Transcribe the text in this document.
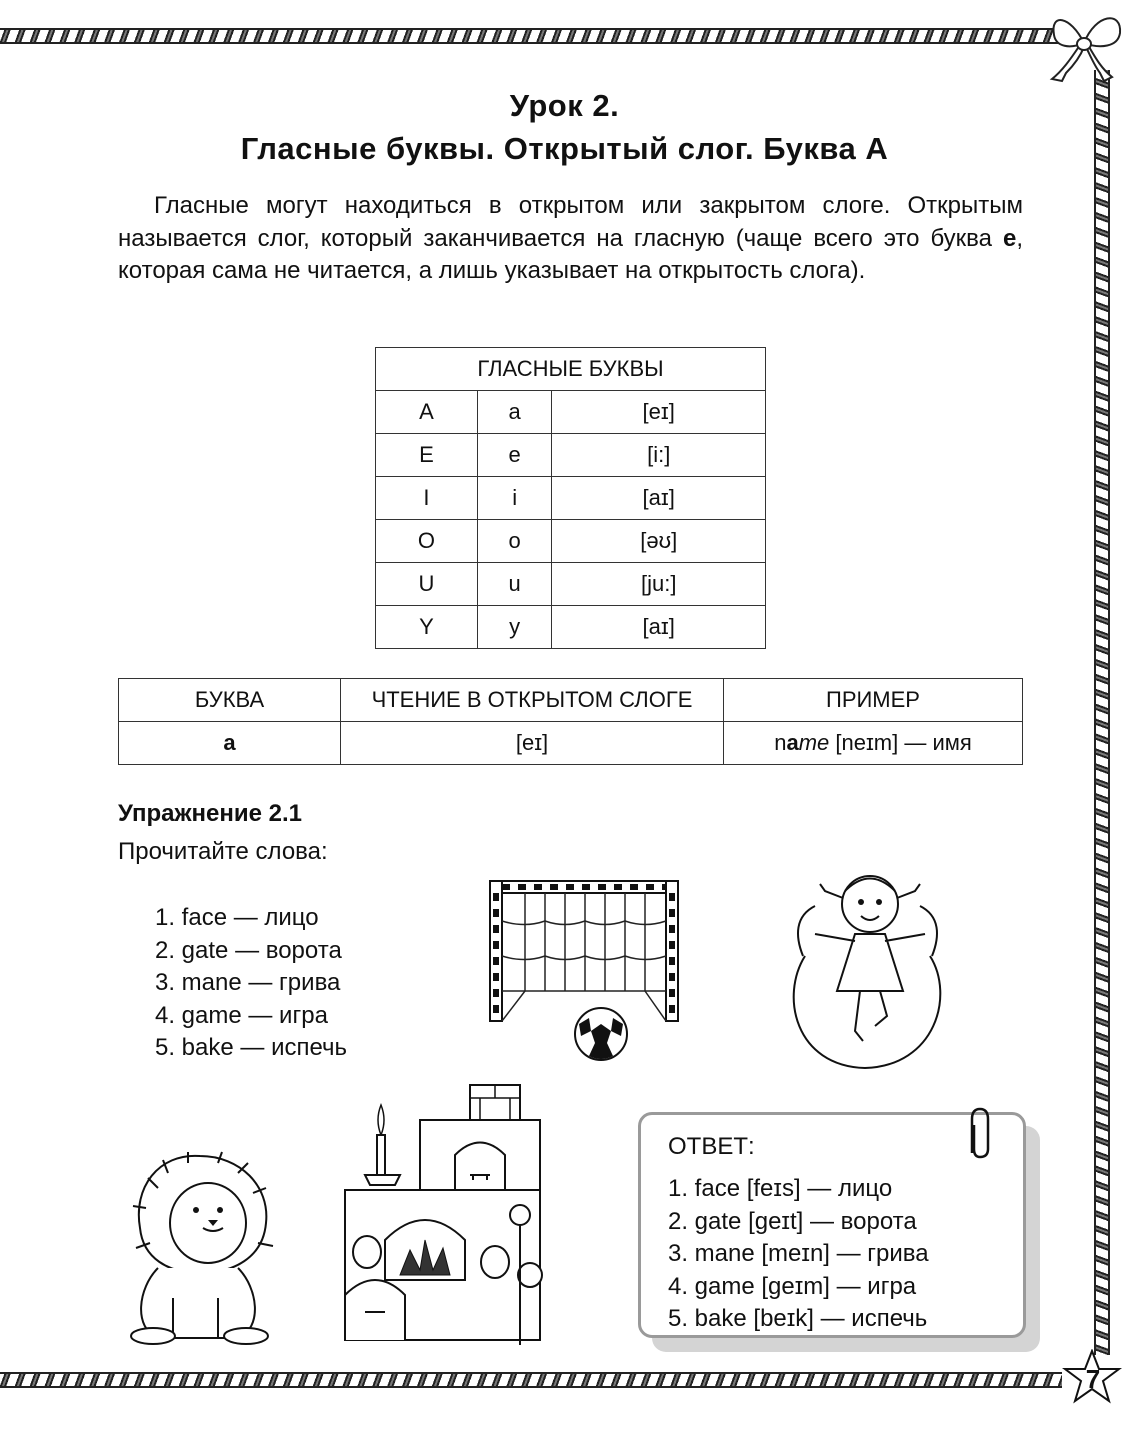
Урок 2.
Гласные буквы. Открытый слог. Буква А

Гласные могут находиться в открытом или закрытом слоге. Открытым называется слог, который заканчивается на гласную (чаще всего это буква e, которая сама не читается, а лишь указывает на открытость слога).

ГЛАСНЫЕ БУКВЫ		
A	a	[eɪ]
E	e	[i:]
I	i	[aɪ]
O	o	[əʊ]
U	u	[ju:]
Y	y	[aɪ]
БУКВА	ЧТЕНИЕ В ОТКРЫТОМ СЛОГЕ	ПРИМЕР
a	[eɪ]	name [neɪm] — имя
Упражнение 2.1
Прочитайте слова:
1. face — лицо
2. gate — ворота
3. mane — грива
4. game — игра
5. bake — испечь
ОТВЕТ:
1. face [feɪs] — лицо
2. gate [geɪt] — ворота
3. mane [meɪn] — грива
4. game [geɪm] — игра
5. bake [beɪk] — испечь
7
